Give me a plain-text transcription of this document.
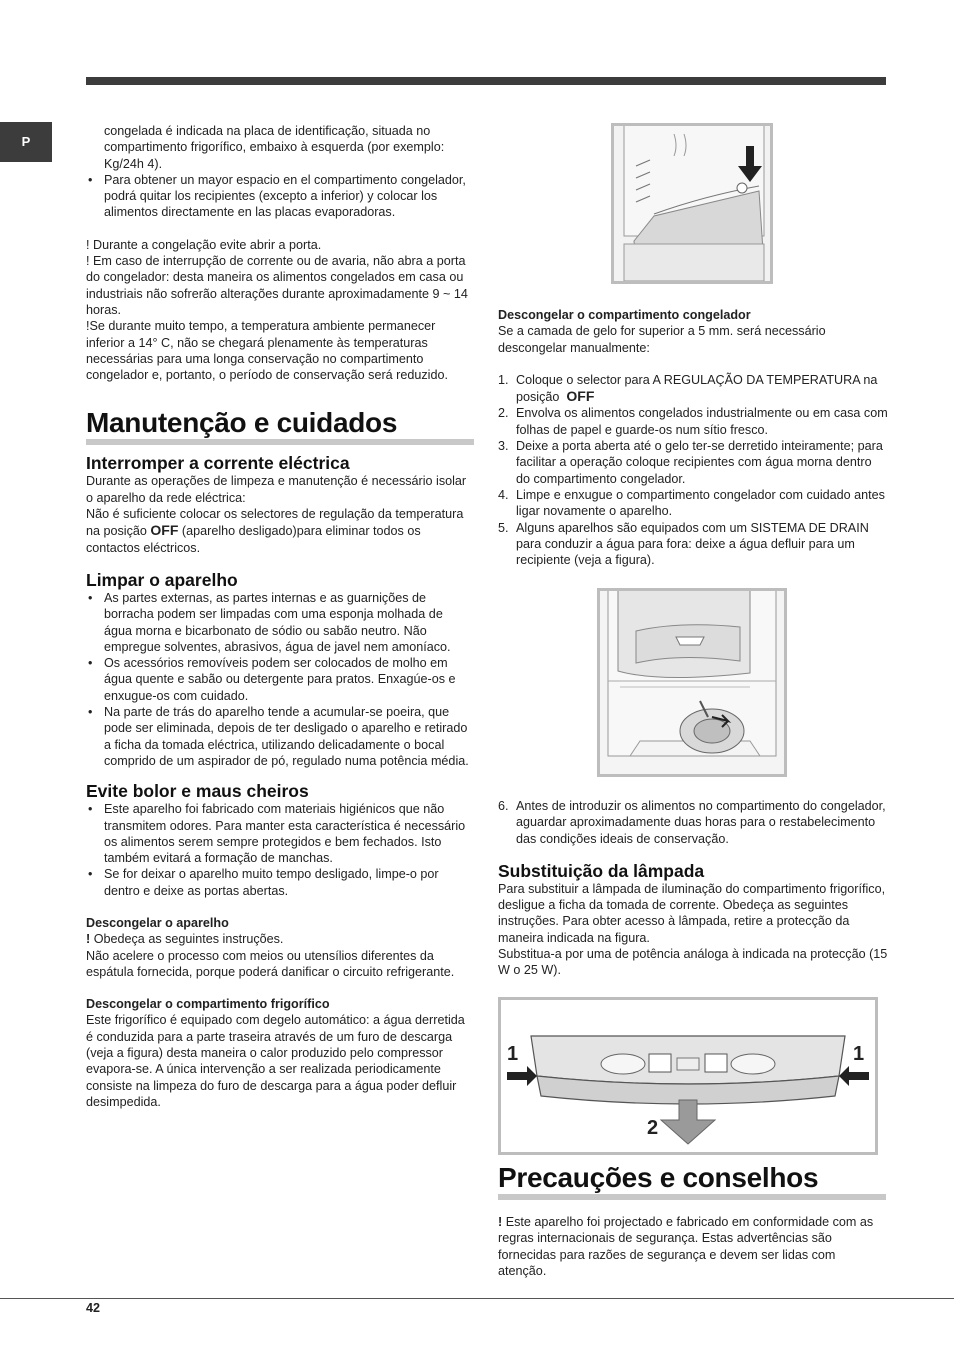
P

congelada é indicada na placa de identificação, situada no compartimento frigorífico, embaixo à esquerda (por exemplo: Kg/24h 4).

• Para obtener un mayor espacio en el compartimento congelador, podrá quitar los recipientes (excepto a inferior) y colocar los alimentos directamente en las placas evaporadoras.

! Durante a congelação evite abrir a porta.

! Em caso de interrupção de corrente ou de avaria, não abra a porta do congelador: desta maneira os alimentos congelados em casa ou industriais não sofrerão alterações durante aproximadamente 9 ~ 14 horas.

!Se durante muito tempo, a temperatura ambiente permanecer inferior a 14° C, não se chegará plenamente às temperaturas necessárias para uma longa conservação no compartimento congelador e, portanto, o período de conservação será reduzido.

Manutenção e cuidados
Interromper a corrente eléctrica

Durante as operações de limpeza e manutenção é necessário isolar o aparelho da rede eléctrica:

Não é suficiente colocar os selectores de regulação da temperatura na posição OFF (aparelho desligado)para eliminar todos os contactos eléctricos.

Limpar o aparelho
• As partes externas, as partes internas e as guarnições de borracha podem ser limpadas com uma esponja molhada de água morna e bicarbonato de sódio ou sabão neutro. Não empregue solventes, abrasivos, água de javel nem amoníaco.
• Os acessórios removíveis podem ser colocados de molho em água quente e sabão ou detergente para pratos. Enxagúe-os e enxugue-os com cuidado.
• Na parte de trás do aparelho tende a acumular-se poeira, que pode ser eliminada, depois de ter desligado o aparelho e retirado a ficha da tomada eléctrica, utilizando delicadamente o bocal comprido de um aspirador de pó, regulado numa potência média.
Evite bolor e maus cheiros
• Este aparelho foi fabricado com materiais higiénicos que não transmitem odores. Para manter esta característica é necessário os alimentos serem sempre protegidos e bem fechados. Isto também evitará a formação de manchas.
• Se for deixar o aparelho muito tempo desligado, limpe-o por dentro e deixe as portas abertas.

Descongelar o aparelho

! Obedeça as seguintes instruções.

Não acelere o processo com meios ou utensílios diferentes da espátula fornecida, porque poderá danificar o circuito refrigerante.

Descongelar o compartimento frigorífico

Este frigorífico é equipado com degelo automático: a água derretida é conduzida para a parte traseira através de um furo de descarga (veja a figura) desta maneira o calor produzido pelo compressor evapora-se. A única intervenção a ser realizada periodicamente consiste na limpeza do furo de descarga para a água poder defluir desimpedida.

Descongelar o compartimento congelador

Se a camada de gelo for superior a 5 mm. será necessário descongelar manualmente:

1. Coloque o selector para A REGULAÇÃO DA TEMPERATURA na posição OFF
2. Envolva os alimentos congelados industrialmente ou em casa com folhas de papel e guarde-os num sítio fresco.
3. Deixe a porta aberta até o gelo ter-se derretido inteiramente; para facilitar a operação coloque recipientes com água morna dentro do compartimento congelador.
4. Limpe e enxugue o compartimento congelador com cuidado antes ligar novamente o aparelho.
5. Alguns aparelhos são equipados com um SISTEMA DE DRAIN para conduzir a água para fora: deixe a água defluir para um recipiente (veja a figura).
6. Antes de introduzir os alimentos no compartimento do congelador, aguardar aproximadamente duas horas para o restabelecimento das condições ideais de conservação.
Substituição da lâmpada

Para substituir a lâmpada de iluminação do compartimento frigorífico, desligue a ficha da tomada de corrente. Obedeça as seguintes instruções. Para obter acesso à lâmpada, retire a protecção da maneira indicada na figura.

Substitua-a por uma de potência análoga à indicada na protecção (15 W o 25 W).

1	1
2
Precauções e conselhos

! Este aparelho foi projectado e fabricado em conformidade com as regras internacionais de segurança. Estas advertências são fornecidas para razões de segurança e devem ser lidas com atenção.

42
